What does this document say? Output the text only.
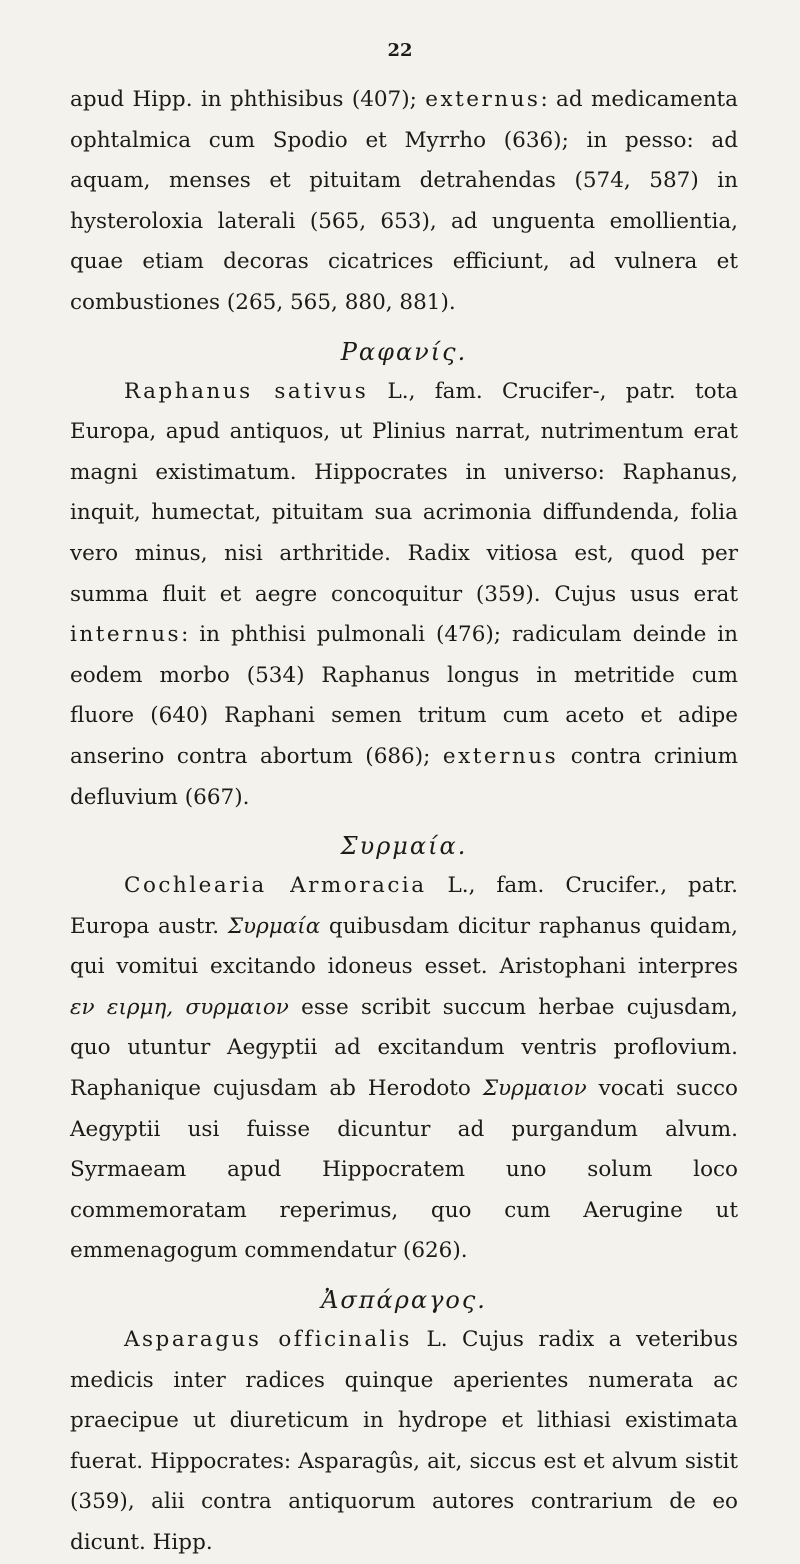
22

apud Hipp. in phthisibus (407); externus: ad medicamenta ophtalmica cum Spodio et Myrrho (636); in pesso: ad aquam, menses et pituitam detrahendas (574, 587) in hysteroloxia laterali (565, 653), ad unguenta emollientia, quae etiam decoras cicatrices efficiunt, ad vulnera et combustiones (265, 565, 880, 881).

Ραφανίς.

Raphanus sativus L., fam. Crucifer-, patr. tota Europa, apud antiquos, ut Plinius narrat, nutrimentum erat magni existimatum. Hippocrates in universo: Raphanus, inquit, humectat, pituitam sua acrimonia diffundenda, folia vero minus, nisi arthritide. Radix vitiosa est, quod per summa fluit et aegre concoquitur (359). Cujus usus erat internus: in phthisi pulmonali (476); radiculam deinde in eodem morbo (534) Raphanus longus in metritide cum fluore (640) Raphani semen tritum cum aceto et adipe anserino contra abortum (686); externus contra crinium defluvium (667).

Συρμαία.

Cochlearia Armoracia L., fam. Crucifer., patr. Europa austr. Συρμαία quibusdam dicitur raphanus quidam, qui vomitui excitando idoneus esset. Aristophani interpres εν ειρμη, συρμαιον esse scribit succum herbae cujusdam, quo utuntur Aegyptii ad excitandum ventris proflovium. Raphanique cujusdam ab Herodoto Συρμαιον vocati succo Aegyptii usi fuisse dicuntur ad purgandum alvum. Syrmaeam apud Hippocratem uno solum loco commemoratam reperimus, quo cum Aerugine ut emmenagogum commendatur (626).

Ἀσπάραγος.

Asparagus officinalis L. Cujus radix a veteribus medicis inter radices quinque aperientes numerata ac praecipue ut diureticum in hydrope et lithiasi existimata fuerat. Hippocrates: Asparagûs, ait, siccus est et alvum sistit (359), alii contra antiquorum autores contrarium de eo dicunt. Hipp.
